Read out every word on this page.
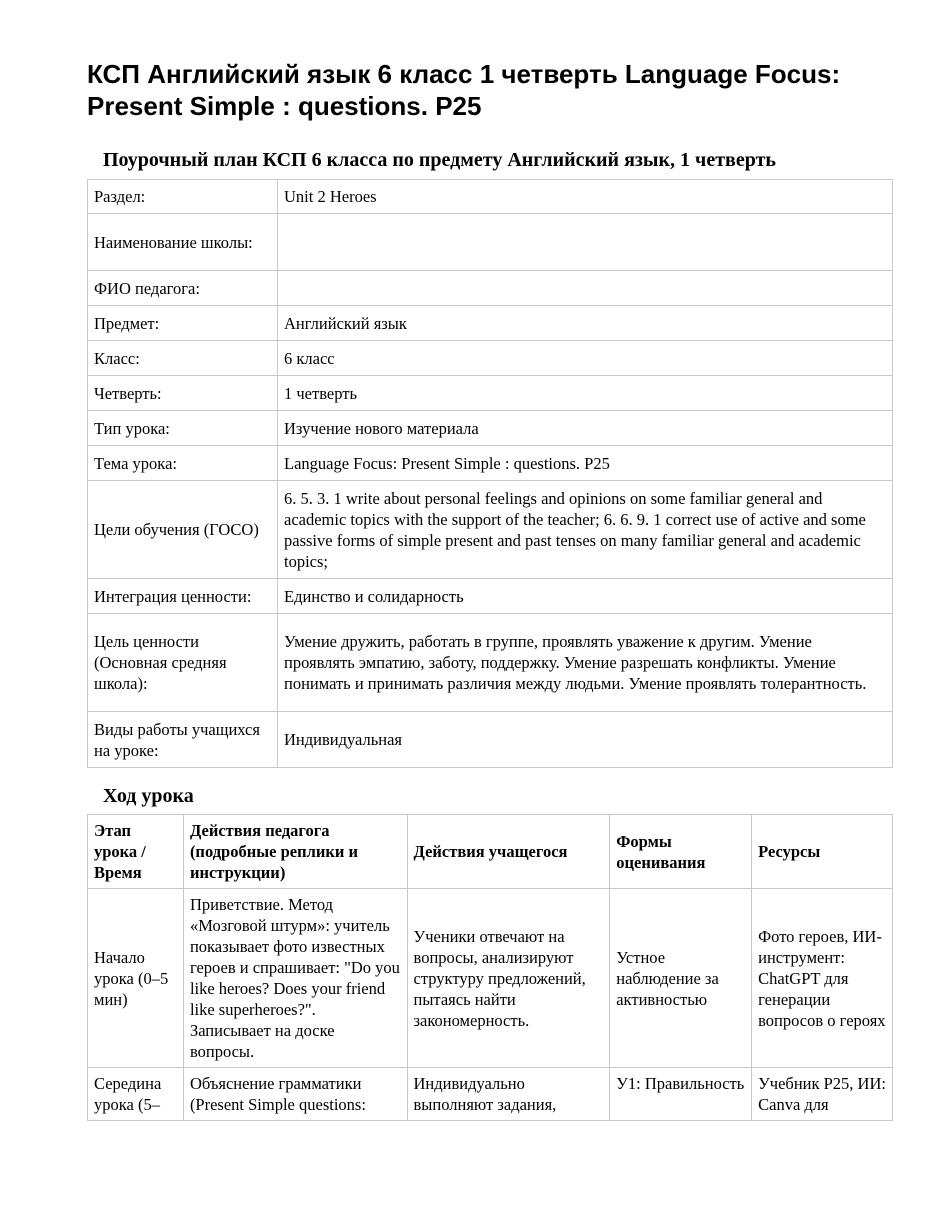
КСП Английский язык 6 класс 1 четверть Language Focus: Present Simple : questions. P25
Поурочный план КСП 6 класса по предмету Английский язык, 1 четверть
Раздел:	Unit 2 Heroes
Наименование школы:	
ФИО педагога:	
Предмет:	Английский язык
Класс:	6 класс
Четверть:	1 четверть
Тип урока:	Изучение нового материала
Тема урока:	Language Focus: Present Simple : questions. P25
Цели обучения (ГОСО)	6. 5. 3. 1 write about personal feelings and opinions on some familiar general and academic topics with the support of the teacher; 6. 6. 9. 1 correct use of active and some passive forms of simple present and past tenses on many familiar general and academic topics;
Интеграция ценности:	Единство и солидарность
Цель ценности (Основная средняя школа):	Умение дружить, работать в группе, проявлять уважение к другим. Умение проявлять эмпатию, заботу, поддержку. Умение разрешать конфликты. Умение понимать и принимать различия между людьми. Умение проявлять толерантность.
Виды работы учащихся на уроке:	Индивидуальная
Ход урока
Этап урока / Время	Действия педагога (подробные реплики и инструкции)	Действия учащегося	Формы оценивания	Ресурсы
Начало урока (0–5 мин)	Приветствие. Метод «Мозговой штурм»: учитель показывает фото известных героев и спрашивает: "Do you like heroes? Does your friend like superheroes?". Записывает на доске вопросы.	Ученики отвечают на вопросы, анализируют структуру предложений, пытаясь найти закономерность.	Устное наблюдение за активностью	Фото героев, ИИ-инструмент: ChatGPT для генерации вопросов о героях
Середина урока (5–	Объяснение грамматики (Present Simple questions:	Индивидуально выполняют задания,	У1: Правильность	Учебник P25, ИИ: Canva для
